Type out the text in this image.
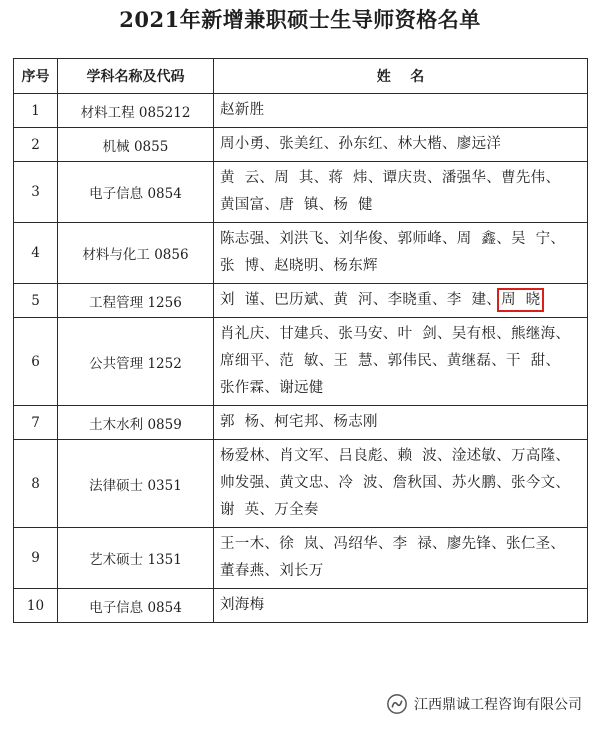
2021年新增兼职硕士生导师资格名单
序号	学科名称及代码	姓    名
1	材料工程 085212	赵新胜
2	机械 0855	周小勇、张美红、孙东红、林大楷、廖远洋
3	电子信息 0854	黄  云、周  其、蒋  炜、谭庆贵、潘强华、曹先伟、
黄国富、唐  镇、杨  健

4	材料与化工 0856	陈志强、刘洪飞、刘华俊、郭师峰、周  鑫、吴  宁、
张  博、赵晓明、杨东辉

5	工程管理 1256	刘  谨、巴历斌、黄  河、李晓重、李  建、周  晓
6	公共管理 1252	肖礼庆、甘建兵、张马安、叶  剑、吴有根、熊继海、
席细平、范  敏、王  慧、郭伟民、黄继磊、干  甜、
张作霖、谢远健

7	土木水利 0859	郭  杨、柯宅邦、杨志刚
8	法律硕士 0351	杨爱林、肖文军、吕良彪、赖  波、淦述敏、万高隆、
帅发强、黄文忠、冷  波、詹秋国、苏火鹏、张今文、
谢  英、万全奏

9	艺术硕士 1351	王一木、徐  岚、冯绍华、李  禄、廖先锋、张仁圣、
董春燕、刘长万

10	电子信息 0854	刘海梅
江西鼎诚工程咨询有限公司
